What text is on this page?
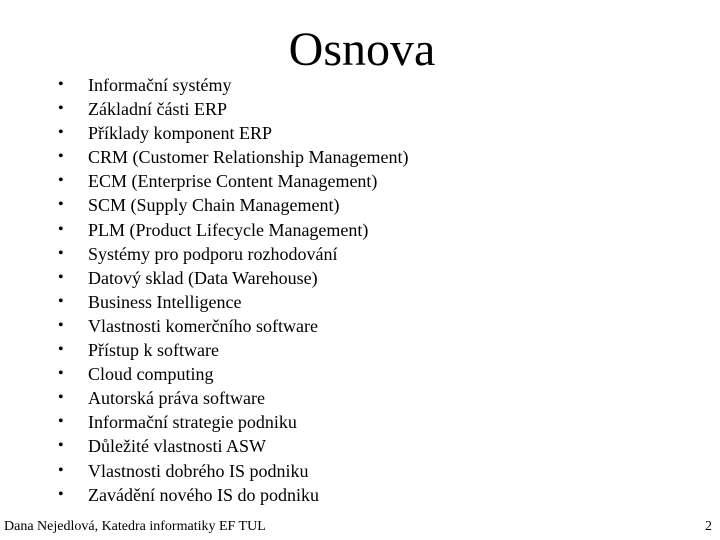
Osnova
•	Informační systémy
•	Základní části ERP
•	Příklady komponent ERP
•	CRM (Customer Relationship Management)
•	ECM (Enterprise Content Management)
•	SCM (Supply Chain Management)
•	PLM (Product Lifecycle Management)
•	Systémy pro podporu rozhodování
•	Datový sklad (Data Warehouse)
•	Business Intelligence
•	Vlastnosti komerčního software
•	Přístup k software
•	Cloud computing
•	Autorská práva software
•	Informační strategie podniku
•	Důležité vlastnosti ASW
•	Vlastnosti dobrého IS podniku
•	Zavádění nového IS do podniku
Dana Nejedlová, Katedra informatiky EF TUL	2
